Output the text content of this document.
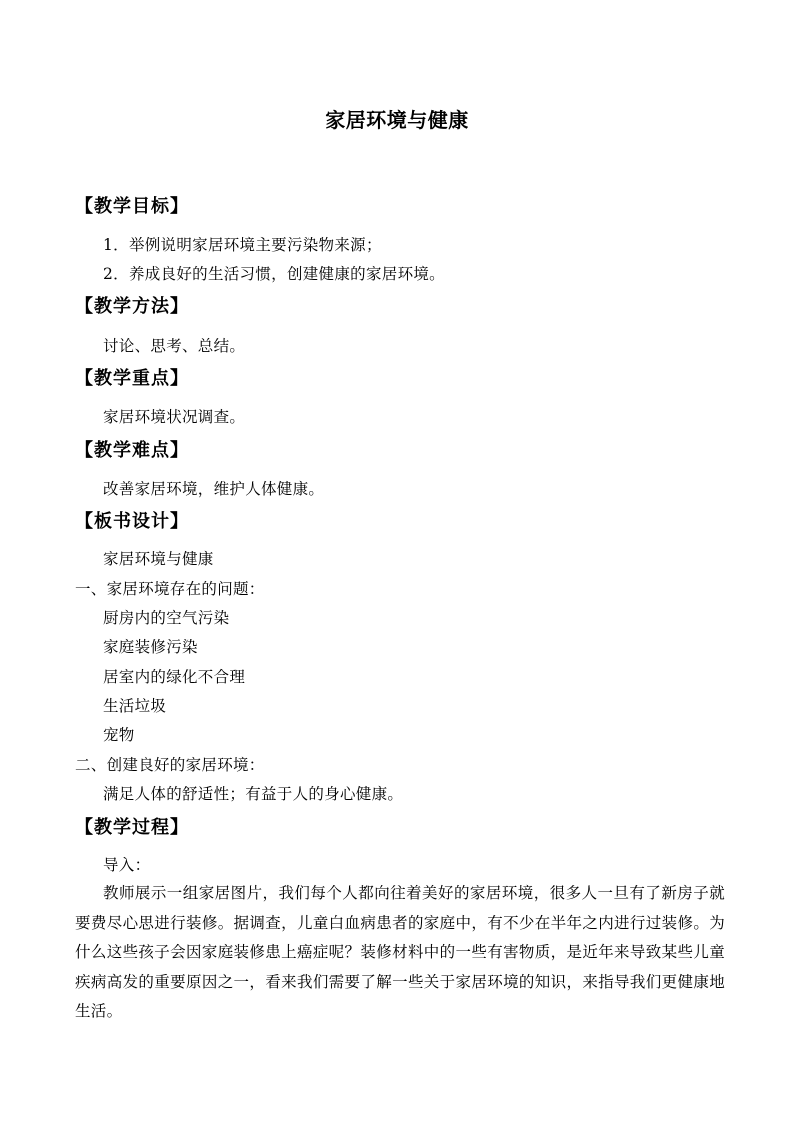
家居环境与健康
【教学目标】
1．举例说明家居环境主要污染物来源；
2．养成良好的生活习惯，创建健康的家居环境。
【教学方法】
讨论、思考、总结。
【教学重点】
家居环境状况调查。
【教学难点】
改善家居环境，维护人体健康。
【板书设计】
家居环境与健康
一、家居环境存在的问题：
厨房内的空气污染
家庭装修污染
居室内的绿化不合理
生活垃圾
宠物
二、创建良好的家居环境：
满足人体的舒适性；有益于人的身心健康。
【教学过程】
导入：
教师展示一组家居图片，我们每个人都向往着美好的家居环境，很多人一旦有了新房子就要费尽心思进行装修。据调查，儿童白血病患者的家庭中，有不少在半年之内进行过装修。为什么这些孩子会因家庭装修患上癌症呢？装修材料中的一些有害物质，是近年来导致某些儿童疾病高发的重要原因之一，看来我们需要了解一些关于家居环境的知识，来指导我们更健康地生活。
